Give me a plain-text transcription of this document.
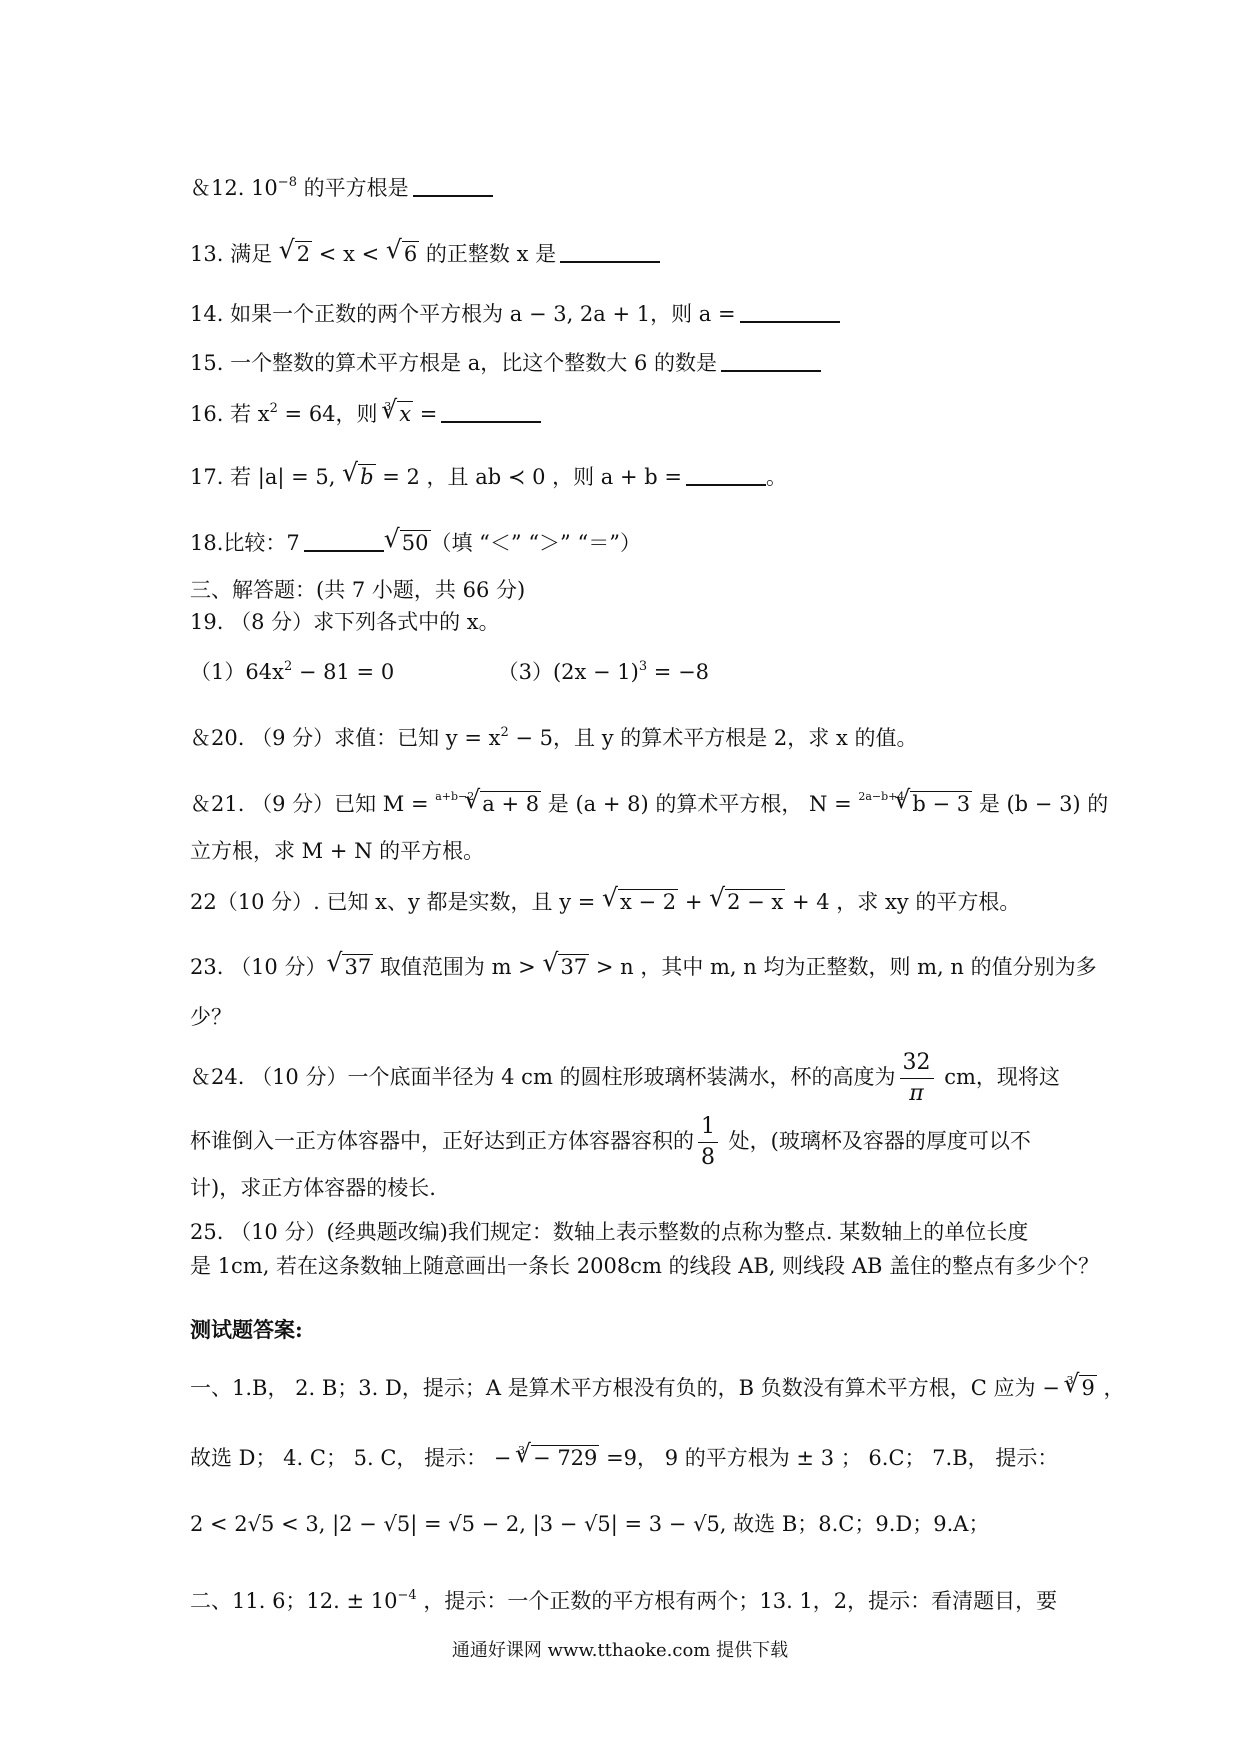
＆12. $10^{-8}$ 的平方根是
13. 满足 √ 2 < x < √ 6 的正整数 x 是
14. 如果一个正数的两个平方根为 a − 3, 2a + 1，则 a =
15. 一个整数的算术平方根是 a，比这个整数大 6 的数是
16. 若 $x^2 = 64$，则 $^3$ √ x =
17. 若 |a| = 5, √ b = 2 ，且 ab ≺ 0 ，则 a + b =	。
18.比较：7	√ 50（填 “＜” “＞” “＝”）
三、解答题：(共 7 小题，共 66 分)
19. （8 分）求下列各式中的 x。
$(1)64x^2 - 81 = 0$	$(3)(2x - 1)^3 = -8$
＆20. （9 分）求值：已知 $y = x^2 - 5$，且 y 的算术平方根是 2，求 x 的值。
＆21. （9 分）已知 M = $^{a+b-2}$ √ a + 8 是 (a + 8) 的算术平方根， N = $^{2a-b+4}$ √ b − 3 是 (b − 3) 的
立方根，求 M + N 的平方根。
22（10 分）. 已知 x、y 都是实数，且 y = √ x − 2 + √ 2 − x + 4 ，求 xy 的平方根。
23. （10 分） √ 37 取值范围为 m > √ 37 > n ，其中 m, n 均为正整数，则 m, n 的值分别为多
少？
＆24. （10 分）一个底面半径为 4 cm 的圆柱形玻璃杯装满水，杯的高度为 $\frac{32}{\pi}$ cm，现将这
杯谁倒入一正方体容器中，正好达到正方体容器容积的 $\frac{1}{8}$ 处，(玻璃杯及容器的厚度可以不
计)，求正方体容器的棱长.
25. （10 分）(经典题改编)我们规定：数轴上表示整数的点称为整点. 某数轴上的单位长度
是 1cm, 若在这条数轴上随意画出一条长 2008cm 的线段 AB, 则线段 AB 盖住的整点有多少个？
测试题答案:
一、1.B， 2. B；3. D，提示；A 是算术平方根没有负的，B 负数没有算术平方根，C 应为 − $^3$ √ 9 ，
故选 D； 4. C； 5. C， 提示： − $^3$ √ − 729 =9， 9 的平方根为 ± 3 ； 6.C； 7.B， 提示：
2 < 2√5 < 3, |2 − √5| = √5 − 2, |3 − √5| = 3 − √5, 故选 B；8.C；9.D；9.A；
二、11. 6；12. ± $10^{-4}$ ，提示：一个正数的平方根有两个；13. 1，2，提示：看清题目，要
通通好课网 www.tthaoke.com 提供下载
